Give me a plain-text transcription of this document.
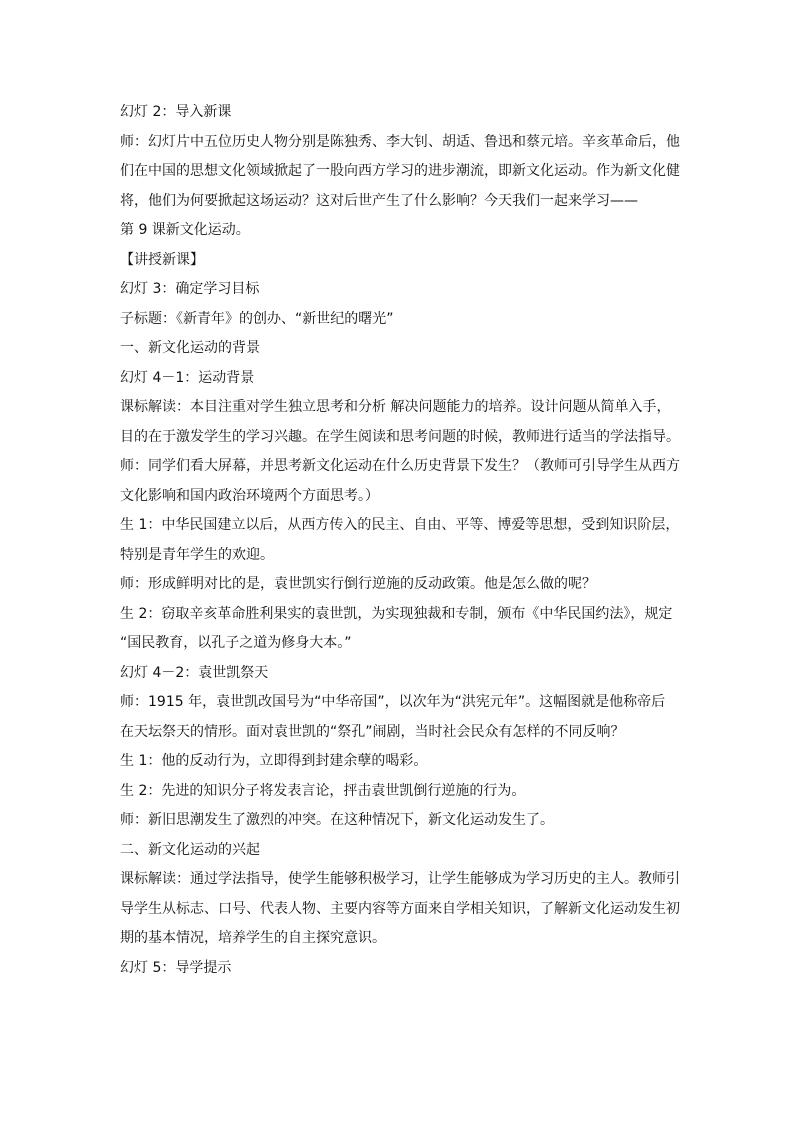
幻灯 2：导入新课
师：幻灯片中五位历史人物分别是陈独秀、李大钊、胡适、鲁迅和蔡元培。辛亥革命后，他
们在中国的思想文化领域掀起了一股向西方学习的进步潮流，即新文化运动。作为新文化健
将，他们为何要掀起这场运动？这对后世产生了什么影响？今天我们一起来学习——
第 9 课新文化运动。
【讲授新课】
幻灯 3：确定学习目标
子标题：《新青年》的创办、“新世纪的曙光”
一、新文化运动的背景
幻灯 4－1：运动背景
课标解读：本目注重对学生独立思考和分析 解决问题能力的培养。设计问题从简单入手，
目的在于激发学生的学习兴趣。在学生阅读和思考问题的时候，教师进行适当的学法指导。
师：同学们看大屏幕，并思考新文化运动在什么历史背景下发生？（教师可引导学生从西方
文化影响和国内政治环境两个方面思考。）
生 1：中华民国建立以后，从西方传入的民主、自由、平等、博爱等思想，受到知识阶层，
特别是青年学生的欢迎。
师：形成鲜明对比的是，袁世凯实行倒行逆施的反动政策。他是怎么做的呢？
生 2：窃取辛亥革命胜利果实的袁世凯，为实现独裁和专制，颁布《中华民国约法》，规定
“国民教育，以孔子之道为修身大本。”
幻灯 4－2：袁世凯祭天
师：1915 年，袁世凯改国号为“中华帝国”，以次年为“洪宪元年”。这幅图就是他称帝后
在天坛祭天的情形。面对袁世凯的“祭孔”闹剧，当时社会民众有怎样的不同反响？
生 1：他的反动行为，立即得到封建余孽的喝彩。
生 2：先进的知识分子将发表言论，抨击袁世凯倒行逆施的行为。
师：新旧思潮发生了激烈的冲突。在这种情况下，新文化运动发生了。
二、新文化运动的兴起
课标解读：通过学法指导，使学生能够积极学习，让学生能够成为学习历史的主人。教师引
导学生从标志、口号、代表人物、主要内容等方面来自学相关知识，了解新文化运动发生初
期的基本情况，培养学生的自主探究意识。
幻灯 5：导学提示
